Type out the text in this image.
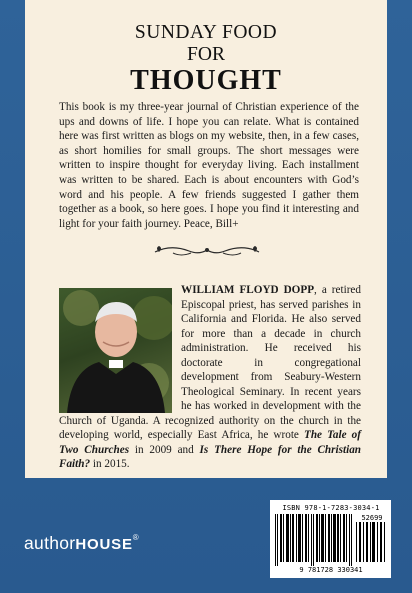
SUNDAY FOOD
FOR
THOUGHT
This book is my three-year journal of Christian experience of the ups and downs of life. I hope you can relate. What is contained here was first written as blogs on my website, then, in a few cases, as short homilies for small groups. The short messages were written to inspire thought for everyday living. Each installment was written to be shared. Each is about encounters with God’s word and his people. A few friends suggested I gather them together as a book, so here goes. I hope you find it interesting and light for your faith journey. Peace, Bill+
WILLIAM FLOYD DOPP, a retired Episcopal priest, has served parishes in California and Florida. He also served for more than a decade in church administration. He received his doctorate in congregational development from Seabury-Western Theological Seminary. In recent years he has worked in development with the Church of Uganda. A recognized authority on the church in the developing world, especially East Africa, he wrote The Tale of Two Churches in 2009 and Is There Hope for the Christian Faith? in 2015.
ISBN 978-1-7283-3034-1
52699
9 781728 330341
authorHOUSE®
